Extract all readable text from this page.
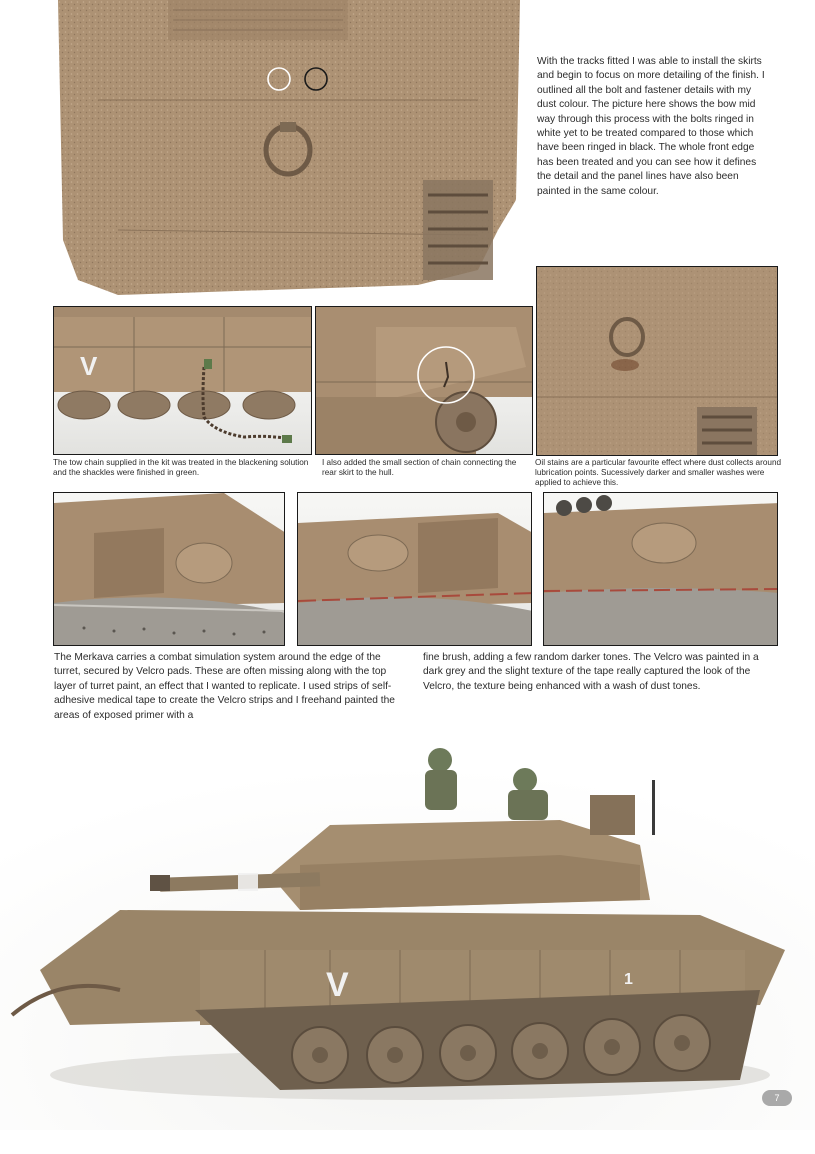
With the tracks fitted I was able to install the skirts and begin to focus on more detailing of the finish. I outlined all the bolt and fastener details with my dust colour. The picture here shows the bow mid way through this process with the bolts ringed in white yet to be treated compared to those which have been ringed in black. The whole front edge has been treated and you can see how it defines the detail and the panel lines have also been painted in the same colour.
V
The tow chain supplied in the kit was treated in the blackening solution and the shackles were finished in green.
I also added the small section of chain connecting the rear skirt to the hull.
Oil stains are a particular favourite effect where dust collects around lubrication points. Sucessively darker and smaller washes were applied to achieve this.
The Merkava carries a combat simulation system around the edge of the turret, secured by Velcro pads. These are often missing along with the top layer of turret paint, an effect that I wanted to replicate. I used strips of self-adhesive medical tape to create the Velcro strips and I freehand painted the areas of exposed primer with a
fine brush, adding a few random darker tones. The Velcro was painted in a dark grey and the slight texture of the tape really captured the look of the Velcro, the texture being enhanced with a wash of dust tones.
V	1
7
